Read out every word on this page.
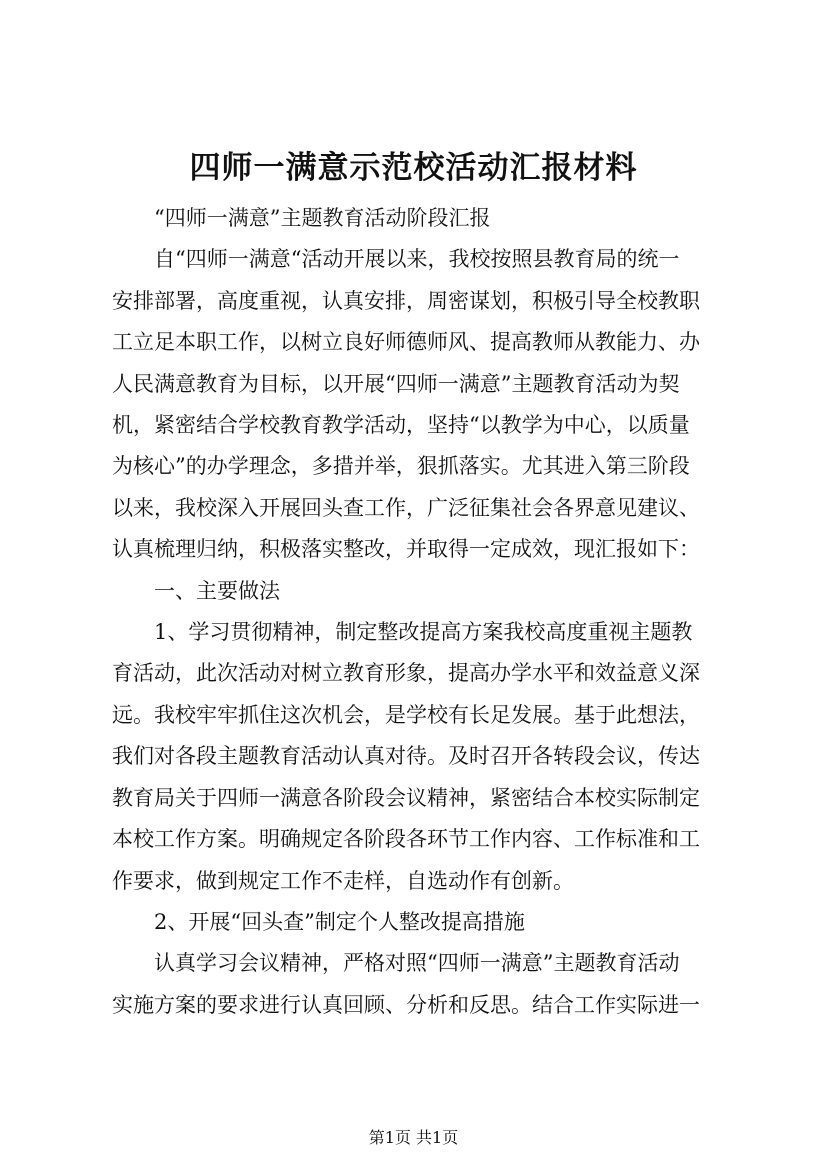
四师一满意示范校活动汇报材料

“四师一满意”主题教育活动阶段汇报

自“四师一满意“活动开展以来，我校按照县教育局的统一
安排部署，高度重视，认真安排，周密谋划，积极引导全校教职
工立足本职工作，以树立良好师德师风、提高教师从教能力、办
人民满意教育为目标，以开展“四师一满意”主题教育活动为契
机，紧密结合学校教育教学活动，坚持“以教学为中心，以质量
为核心”的办学理念，多措并举，狠抓落实。尤其进入第三阶段
以来，我校深入开展回头查工作，广泛征集社会各界意见建议、
认真梳理归纳，积极落实整改，并取得一定成效，现汇报如下：

一、主要做法

1、学习贯彻精神，制定整改提高方案我校高度重视主题教
育活动，此次活动对树立教育形象，提高办学水平和效益意义深
远。我校牢牢抓住这次机会，是学校有长足发展。基于此想法，
我们对各段主题教育活动认真对待。及时召开各转段会议，传达
教育局关于四师一满意各阶段会议精神，紧密结合本校实际制定
本校工作方案。明确规定各阶段各环节工作内容、工作标准和工
作要求，做到规定工作不走样，自选动作有创新。

2、开展“回头查”制定个人整改提高措施

认真学习会议精神，严格对照“四师一满意”主题教育活动
实施方案的要求进行认真回顾、分析和反思。结合工作实际进一

第1页 共1页
